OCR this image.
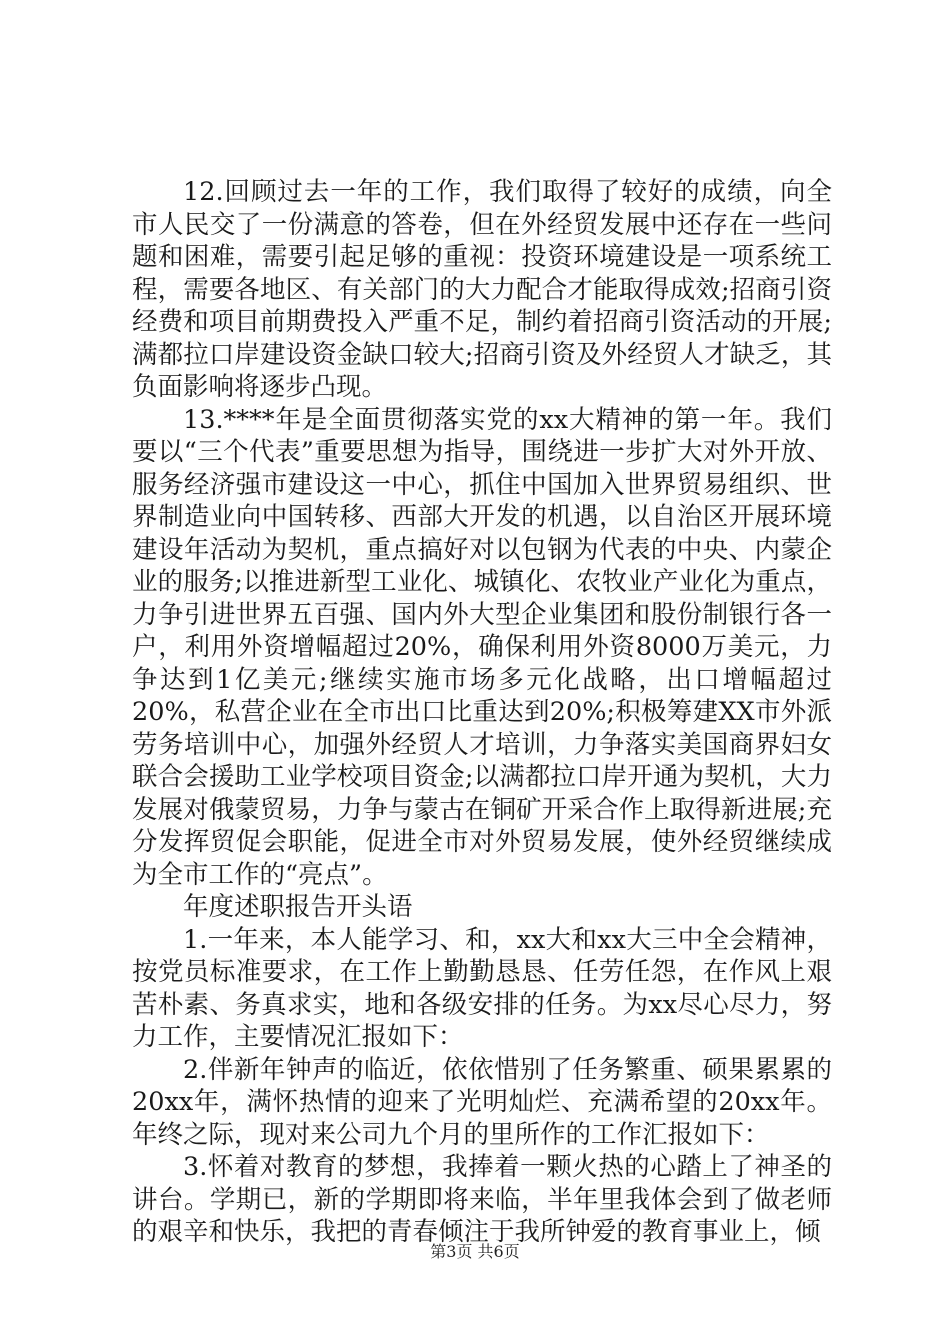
12.回顾过去一年的工作，我们取得了较好的成绩，向全市人民交了一份满意的答卷，但在外经贸发展中还存在一些问题和困难，需要引起足够的重视：投资环境建设是一项系统工程，需要各地区、有关部门的大力配合才能取得成效;招商引资经费和项目前期费投入严重不足，制约着招商引资活动的开展;满都拉口岸建设资金缺口较大;招商引资及外经贸人才缺乏，其负面影响将逐步凸现。

13.****年是全面贯彻落实党的xx大精神的第一年。我们要以“三个代表”重要思想为指导，围绕进一步扩大对外开放、服务经济强市建设这一中心，抓住中国加入世界贸易组织、世界制造业向中国转移、西部大开发的机遇，以自治区开展环境建设年活动为契机，重点搞好对以包钢为代表的中央、内蒙企业的服务;以推进新型工业化、城镇化、农牧业产业化为重点，力争引进世界五百强、国内外大型企业集团和股份制银行各一户，利用外资增幅超过20%，确保利用外资8000万美元，力争达到1亿美元;继续实施市场多元化战略，出口增幅超过20%，私营企业在全市出口比重达到20%;积极筹建XX市外派劳务培训中心，加强外经贸人才培训，力争落实美国商界妇女联合会援助工业学校项目资金;以满都拉口岸开通为契机，大力发展对俄蒙贸易，力争与蒙古在铜矿开采合作上取得新进展;充分发挥贸促会职能，促进全市对外贸易发展，使外经贸继续成为全市工作的“亮点”。

年度述职报告开头语

1.一年来，本人能学习、和，xx大和xx大三中全会精神，按党员标准要求，在工作上勤勤恳恳、任劳任怨，在作风上艰苦朴素、务真求实，地和各级安排的任务。为xx尽心尽力，努力工作，主要情况汇报如下：

2.伴新年钟声的临近，依依惜别了任务繁重、硕果累累的20xx年，满怀热情的迎来了光明灿烂、充满希望的20xx年。年终之际，现对来公司九个月的里所作的工作汇报如下：

3.怀着对教育的梦想，我捧着一颗火热的心踏上了神圣的讲台。学期已，新的学期即将来临，半年里我体会到了做老师的艰辛和快乐，我把的青春倾注于我所钟爱的教育事业上，倾

第3页 共6页
